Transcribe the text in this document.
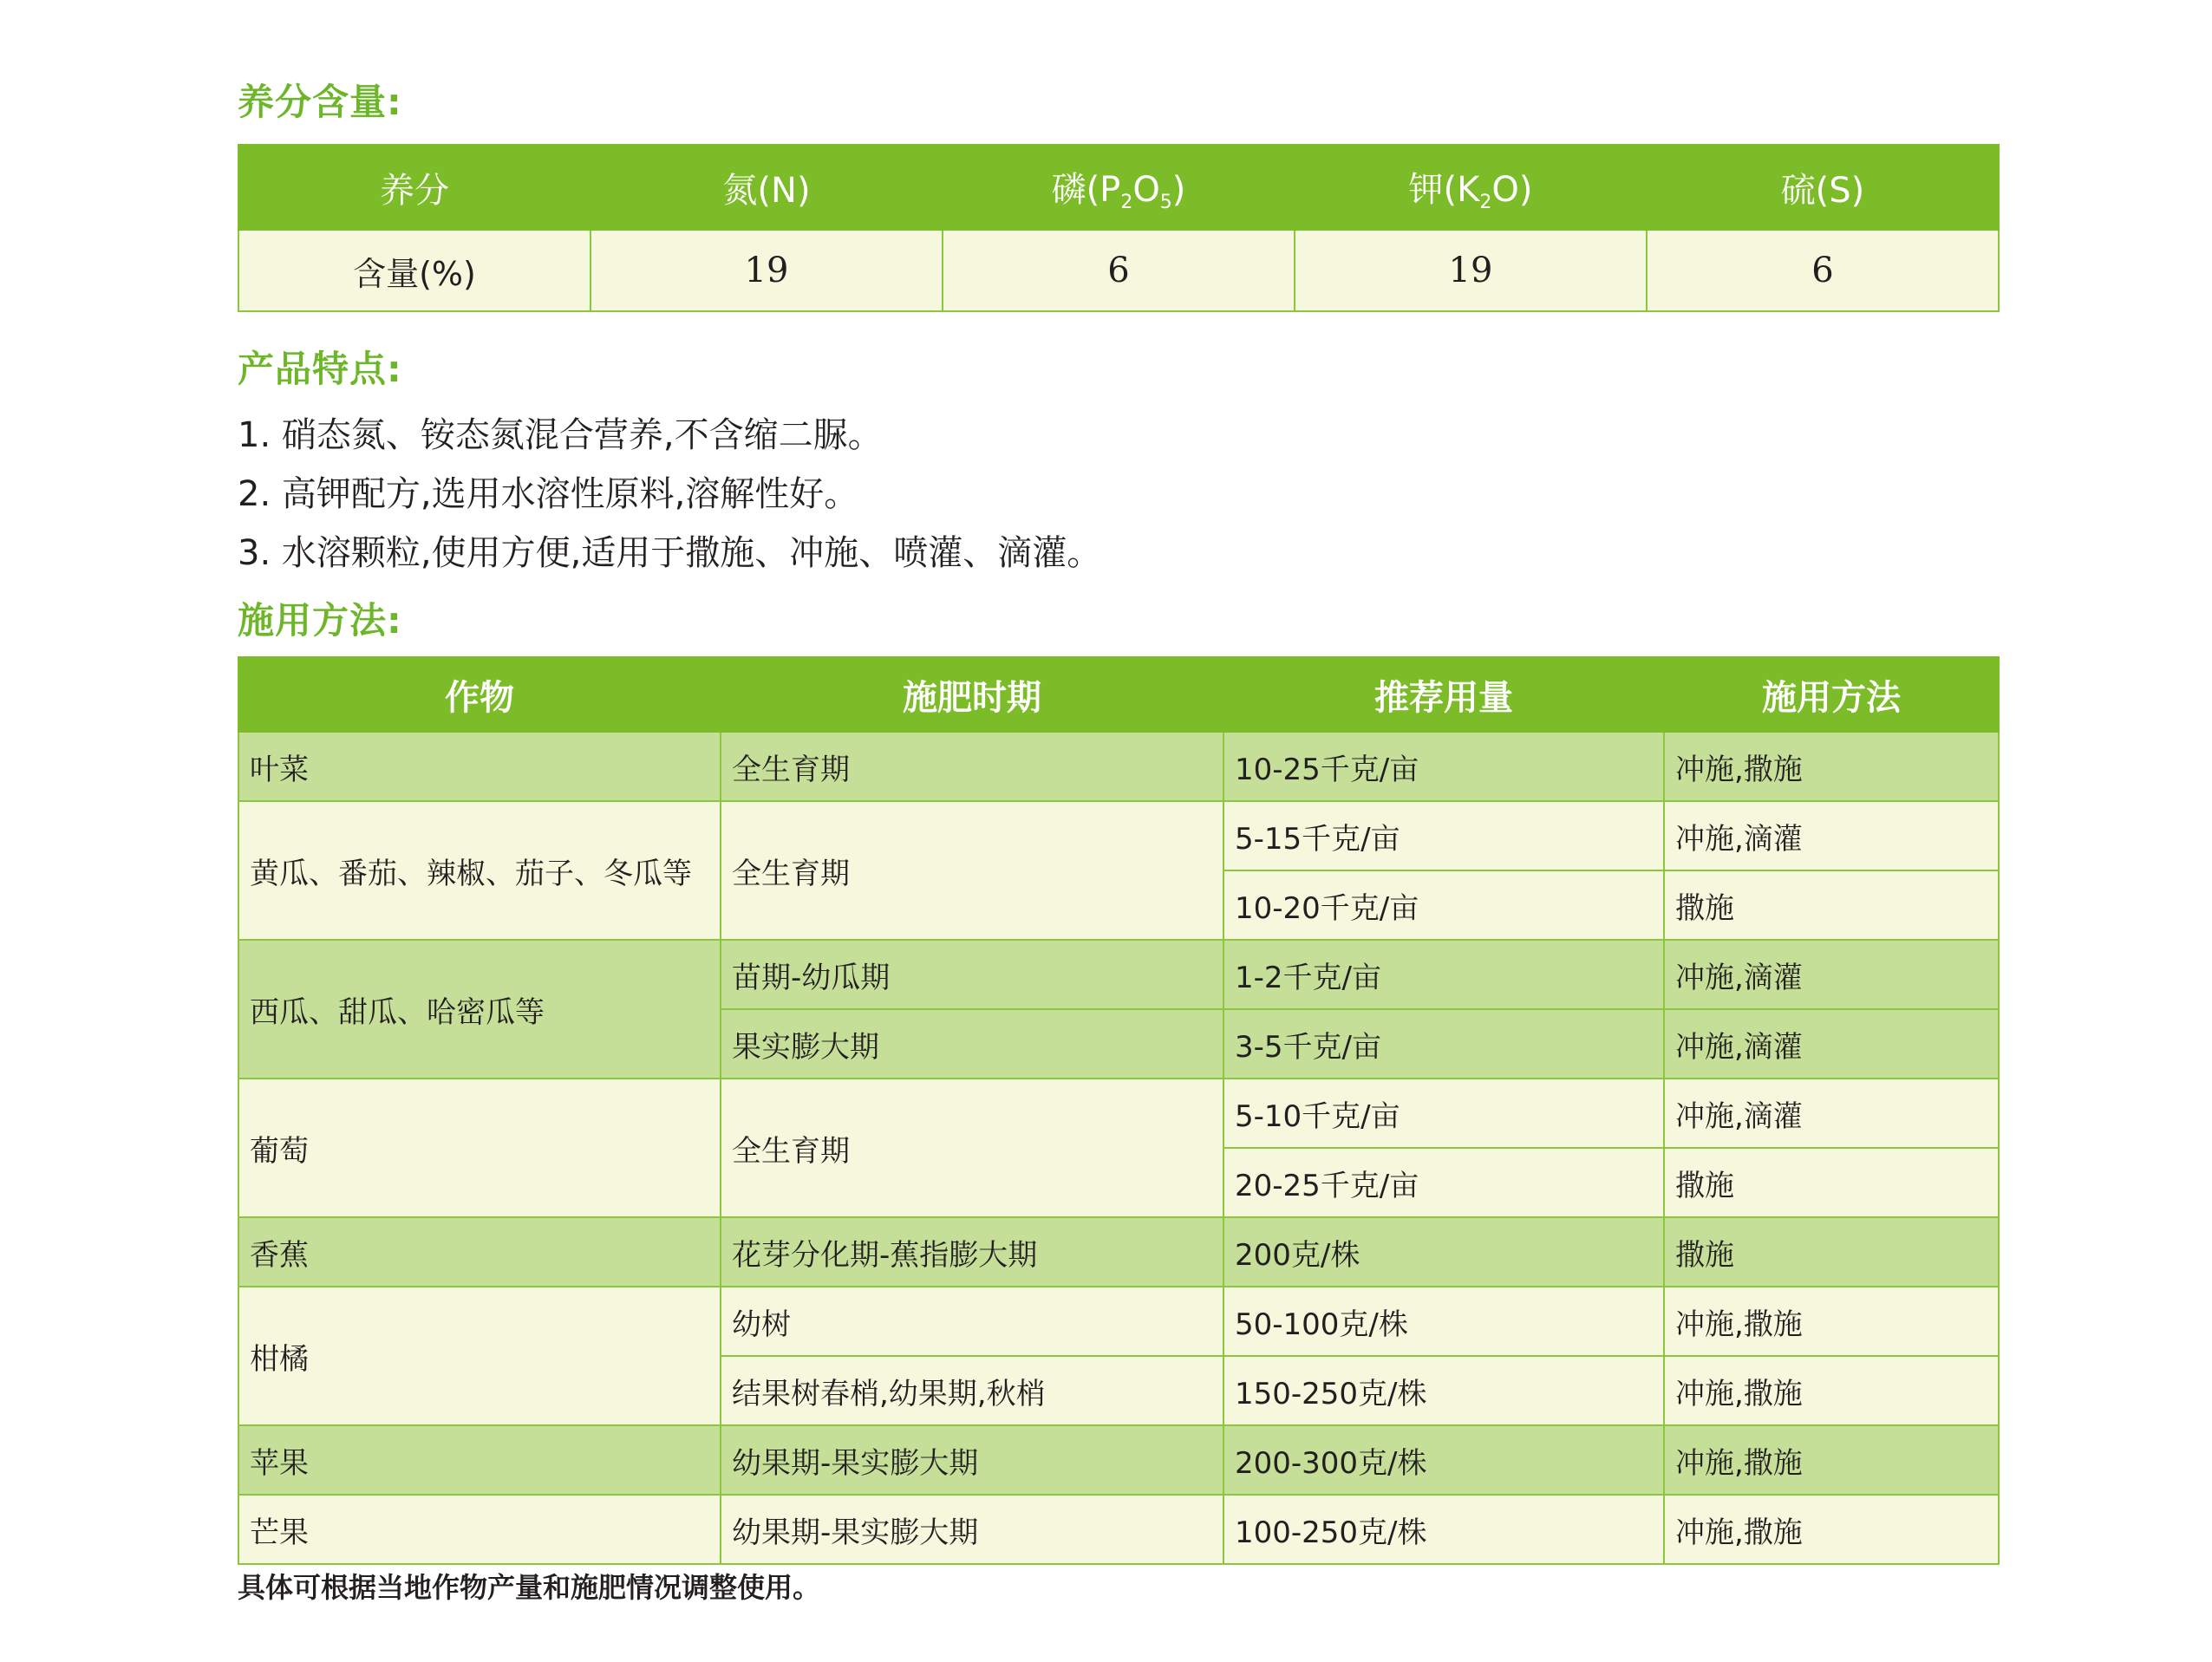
养分含量:
养分	氮(N)	磷$(P_2O_5)$	钾$(K_2O)$	硫(S)
含量(%)	19	6	19	6
产品特点:
1. 硝态氮、铵态氮混合营养,不含缩二脲。
2. 高钾配方,选用水溶性原料,溶解性好。
3. 水溶颗粒,使用方便,适用于撒施、冲施、喷灌、滴灌。
施用方法:
作物	施肥时期	推荐用量	施用方法
叶菜	全生育期	10-25千克/亩	冲施,撒施
黄瓜、番茄、辣椒、茄子、冬瓜等	全生育期	5-15千克/亩	冲施,滴灌
		10-20千克/亩	撒施
西瓜、甜瓜、哈密瓜等	苗期-幼瓜期	1-2千克/亩	冲施,滴灌
	果实膨大期	3-5千克/亩	冲施,滴灌
葡萄	全生育期	5-10千克/亩	冲施,滴灌
		20-25千克/亩	撒施
香蕉	花芽分化期-蕉指膨大期	200克/株	撒施
柑橘	幼树	50-100克/株	冲施,撒施
	结果树春梢,幼果期,秋梢	150-250克/株	冲施,撒施
苹果	幼果期-果实膨大期	200-300克/株	冲施,撒施
芒果	幼果期-果实膨大期	100-250克/株	冲施,撒施

具体可根据当地作物产量和施肥情况调整使用。
